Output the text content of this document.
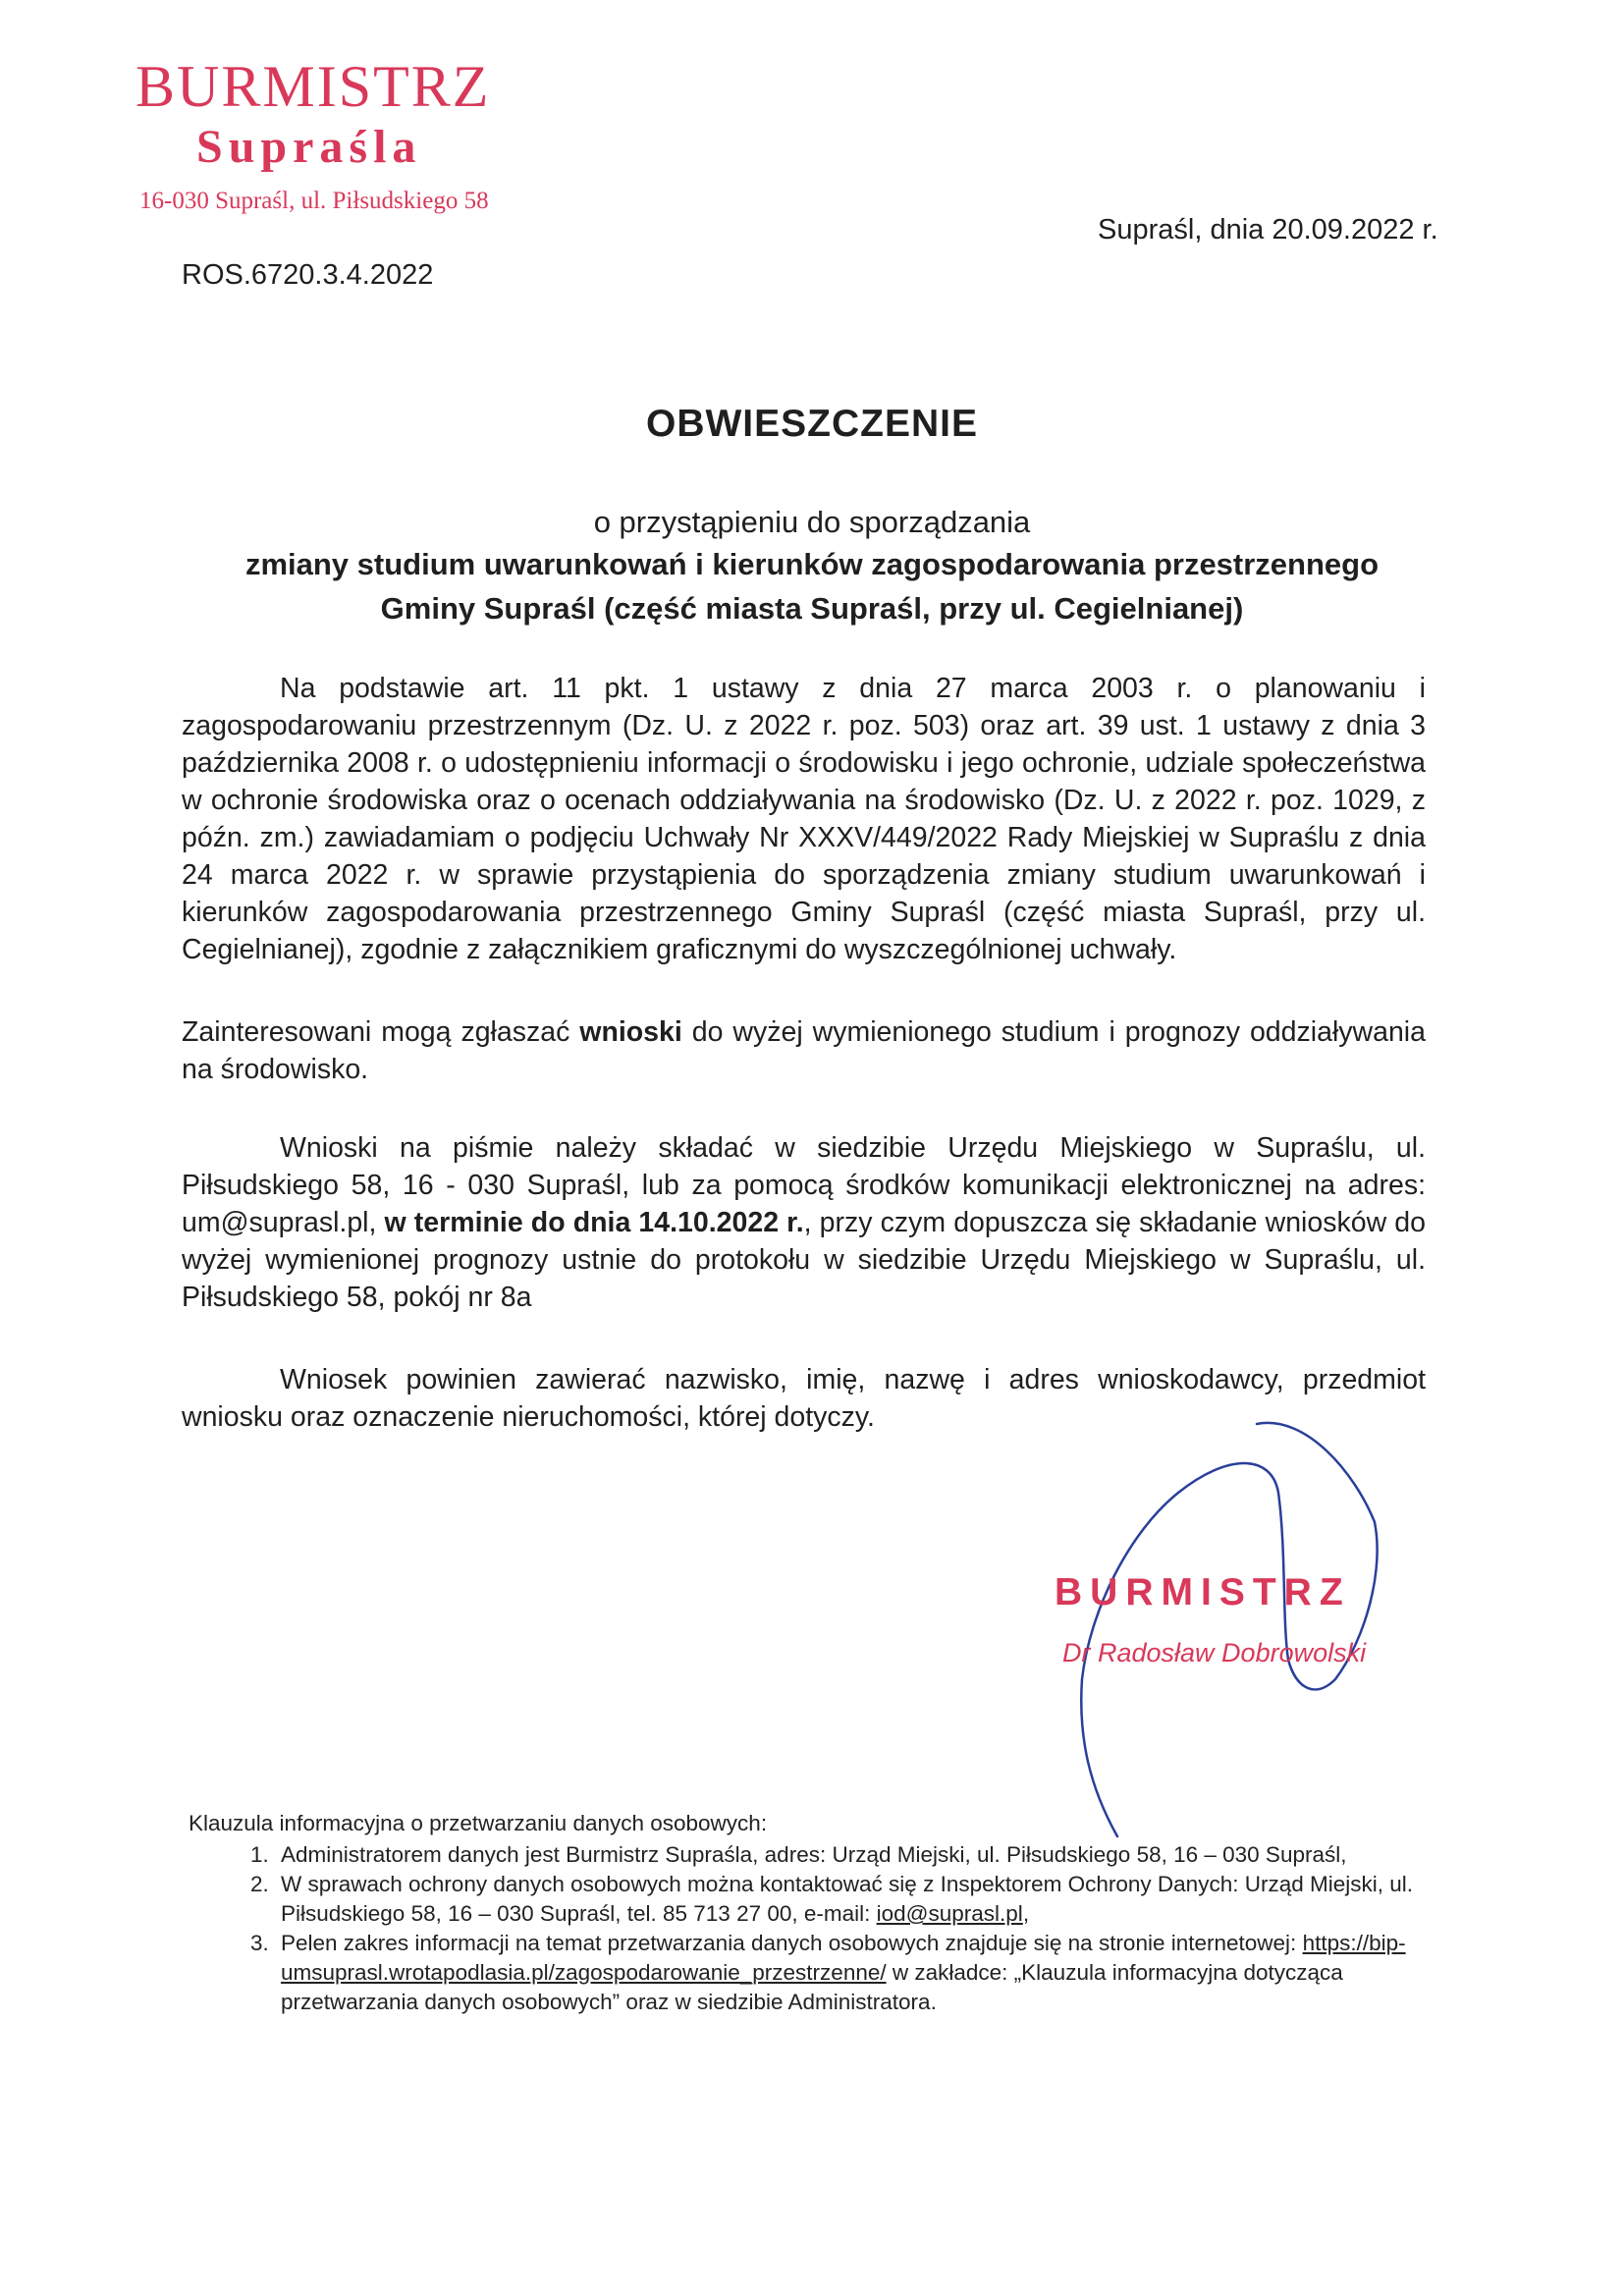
BURMISTRZ
Supraśla
16-030 Supraśl, ul. Piłsudskiego 58
Supraśl, dnia 20.09.2022 r.
ROS.6720.3.4.2022
OBWIESZCZENIE
o przystąpieniu do sporządzania
zmiany studium uwarunkowań i kierunków zagospodarowania przestrzennego
Gminy Supraśl (część miasta Supraśl, przy ul. Cegielnianej)
Na podstawie art. 11 pkt. 1 ustawy z dnia 27 marca 2003 r. o planowaniu i zagospodarowaniu przestrzennym (Dz. U. z 2022 r. poz. 503) oraz art. 39 ust. 1 ustawy z dnia 3 października 2008 r. o udostępnieniu informacji o środowisku i jego ochronie, udziale społeczeństwa w ochronie środowiska oraz o ocenach oddziaływania na środowisko (Dz. U. z 2022 r. poz. 1029, z późn. zm.) zawiadamiam o podjęciu Uchwały Nr XXXV/449/2022 Rady Miejskiej w Supraślu z dnia 24 marca 2022 r. w sprawie przystąpienia do sporządzenia zmiany studium uwarunkowań i kierunków zagospodarowania przestrzennego Gminy Supraśl (część miasta Supraśl, przy ul. Cegielnianej), zgodnie z załącznikiem graficznymi do wyszczególnionej uchwały.
Zainteresowani mogą zgłaszać wnioski do wyżej wymienionego studium i prognozy oddziaływania na środowisko.
Wnioski na piśmie należy składać w siedzibie Urzędu Miejskiego w Supraślu, ul. Piłsudskiego 58, 16 - 030 Supraśl, lub za pomocą środków komunikacji elektronicznej na adres: um@suprasl.pl, w terminie do dnia 14.10.2022 r., przy czym dopuszcza się składanie wniosków do wyżej wymienionej prognozy ustnie do protokołu w siedzibie Urzędu Miejskiego w Supraślu, ul. Piłsudskiego 58, pokój nr 8a
Wniosek powinien zawierać nazwisko, imię, nazwę i adres wnioskodawcy, przedmiot wniosku oraz oznaczenie nieruchomości, której dotyczy.
BURMISTRZ
Dr Radosław Dobrowolski
Klauzula informacyjna o przetwarzaniu danych osobowych:
1. Administratorem danych jest Burmistrz Supraśla, adres: Urząd Miejski, ul. Piłsudskiego 58, 16 – 030 Supraśl,
2. W sprawach ochrony danych osobowych można kontaktować się z Inspektorem Ochrony Danych: Urząd Miejski, ul. Piłsudskiego 58, 16 – 030 Supraśl, tel. 85 713 27 00, e-mail: iod@suprasl.pl,
3. Pelen zakres informacji na temat przetwarzania danych osobowych znajduje się na stronie internetowej: https://bip-umsuprasl.wrotapodlasia.pl/zagospodarowanie_przestrzenne/ w zakładce: „Klauzula informacyjna dotycząca przetwarzania danych osobowych” oraz w siedzibie Administratora.
